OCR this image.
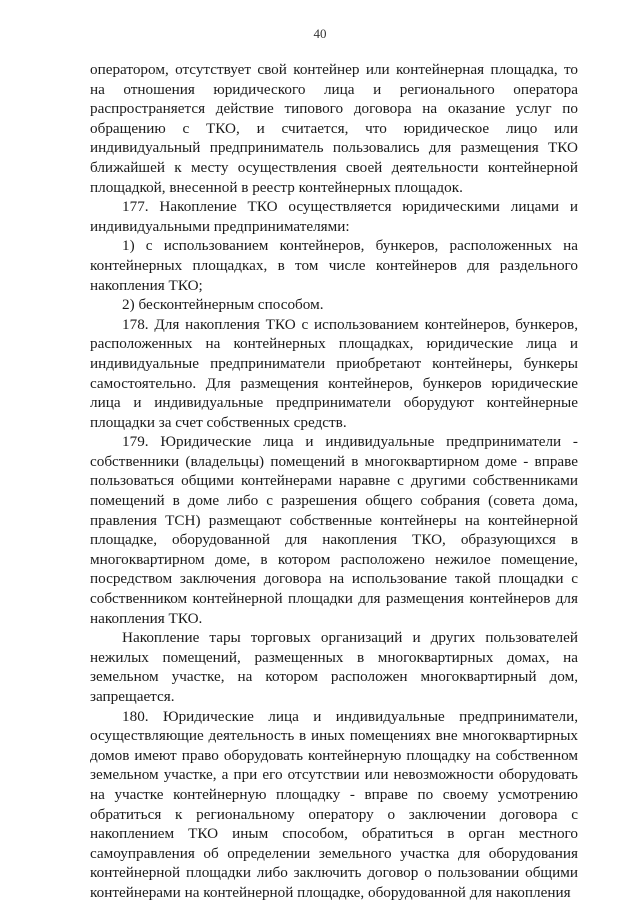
40

оператором, отсутствует свой контейнер или контейнерная площадка, то на отношения юридического лица и регионального оператора распространяется действие типового договора на оказание услуг по обращению с ТКО, и считается, что юридическое лицо или индивидуальный предприниматель пользовались для размещения ТКО ближайшей к месту осуществления своей деятельности контейнерной площадкой, внесенной в реестр контейнерных площадок.

177. Накопление ТКО осуществляется юридическими лицами и индивидуальными предпринимателями:

1) с использованием контейнеров, бункеров, расположенных на контейнерных площадках, в том числе контейнеров для раздельного накопления ТКО;

2) бесконтейнерным способом.

178. Для накопления ТКО с использованием контейнеров, бункеров, расположенных на контейнерных площадках, юридические лица и индивидуальные предприниматели приобретают контейнеры, бункеры самостоятельно. Для размещения контейнеров, бункеров юридические лица и индивидуальные предприниматели оборудуют контейнерные площадки за счет собственных средств.

179. Юридические лица и индивидуальные предприниматели - собственники (владельцы) помещений в многоквартирном доме - вправе пользоваться общими контейнерами наравне с другими собственниками помещений в доме либо с разрешения общего собрания (совета дома, правления ТСН) размещают собственные контейнеры на контейнерной площадке, оборудованной для накопления ТКО, образующихся в многоквартирном доме, в котором расположено нежилое помещение, посредством заключения договора на использование такой площадки с собственником контейнерной площадки для размещения контейнеров для накопления ТКО.

Накопление тары торговых организаций и других пользователей нежилых помещений, размещенных в многоквартирных домах, на земельном участке, на котором расположен многоквартирный дом, запрещается.

180. Юридические лица и индивидуальные предприниматели, осуществляющие деятельность в иных помещениях вне многоквартирных домов имеют право оборудовать контейнерную площадку на собственном земельном участке, а при его отсутствии или невозможности оборудовать на участке контейнерную площадку - вправе по своему усмотрению обратиться к региональному оператору о заключении договора с накоплением ТКО иным способом, обратиться в орган местного самоуправления об определении земельного участка для оборудования контейнерной площадки либо заключить договор о пользовании общими контейнерами на контейнерной площадке, оборудованной для накопления
